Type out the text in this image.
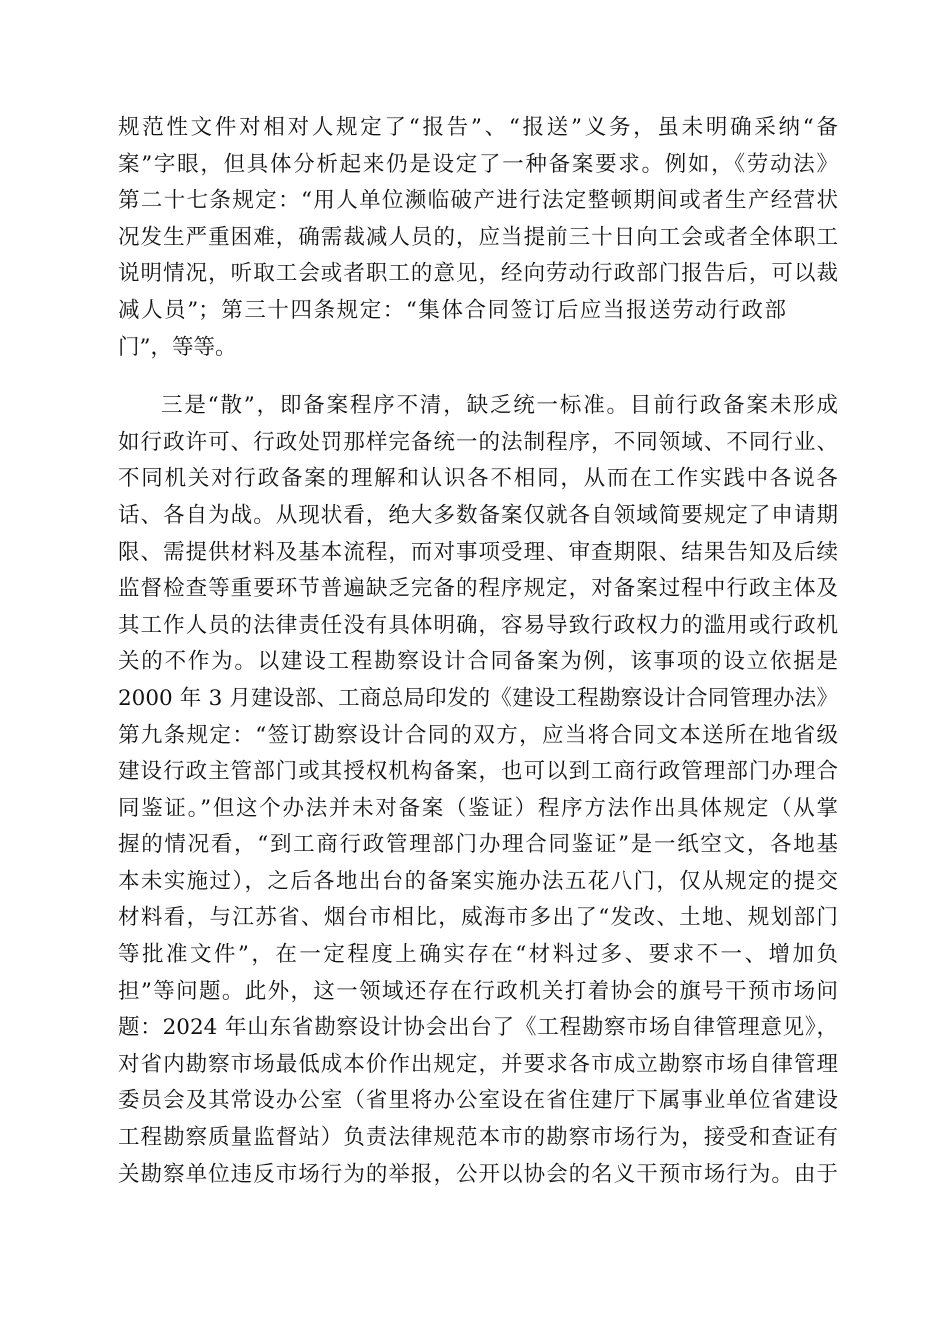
规范性文件对相对人规定了“报告”、“报送”义务，虽未明确采纳“备
案”字眼，但具体分析起来仍是设定了一种备案要求。例如，《劳动法》
第二十七条规定：“用人单位濒临破产进行法定整顿期间或者生产经营状
况发生严重困难，确需裁减人员的，应当提前三十日向工会或者全体职工
说明情况，听取工会或者职工的意见，经向劳动行政部门报告后，可以裁
减人员”；第三十四条规定：“集体合同签订后应当报送劳动行政部
门”，等等。
三是“散”，即备案程序不清，缺乏统一标准。目前行政备案未形成
如行政许可、行政处罚那样完备统一的法制程序，不同领域、不同行业、
不同机关对行政备案的理解和认识各不相同，从而在工作实践中各说各
话、各自为战。从现状看，绝大多数备案仅就各自领域简要规定了申请期
限、需提供材料及基本流程，而对事项受理、审查期限、结果告知及后续
监督检查等重要环节普遍缺乏完备的程序规定，对备案过程中行政主体及
其工作人员的法律责任没有具体明确，容易导致行政权力的滥用或行政机
关的不作为。以建设工程勘察设计合同备案为例，该事项的设立依据是
2000 年 3 月建设部、工商总局印发的《建设工程勘察设计合同管理办法》
第九条规定：“签订勘察设计合同的双方，应当将合同文本送所在地省级
建设行政主管部门或其授权机构备案，也可以到工商行政管理部门办理合
同鉴证。”但这个办法并未对备案（鉴证）程序方法作出具体规定（从掌
握的情况看，“到工商行政管理部门办理合同鉴证”是一纸空文，各地基
本未实施过），之后各地出台的备案实施办法五花八门，仅从规定的提交
材料看，与江苏省、烟台市相比，威海市多出了“发改、土地、规划部门
等批准文件”，在一定程度上确实存在“材料过多、要求不一、增加负
担”等问题。此外，这一领域还存在行政机关打着协会的旗号干预市场问
题：2024 年山东省勘察设计协会出台了《工程勘察市场自律管理意见》，
对省内勘察市场最低成本价作出规定，并要求各市成立勘察市场自律管理
委员会及其常设办公室（省里将办公室设在省住建厅下属事业单位省建设
工程勘察质量监督站）负责法律规范本市的勘察市场行为，接受和查证有
关勘察单位违反市场行为的举报，公开以协会的名义干预市场行为。由于
